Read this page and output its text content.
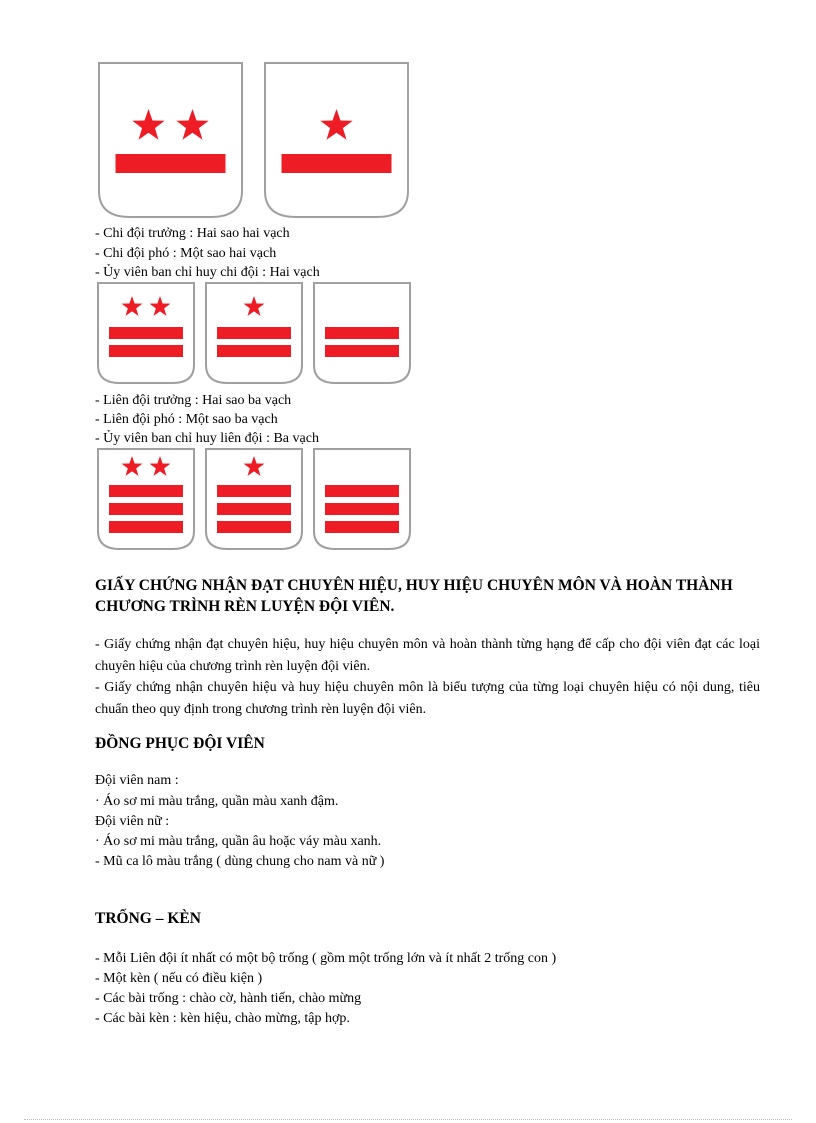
- Chi đội trưởng : Hai sao hai vạch
- Chi đội phó : Một sao hai vạch
- Ủy viên ban chỉ huy chi đội : Hai vạch
- Liên đội trưởng : Hai sao ba vạch
- Liên đội phó : Một sao ba vạch
- Ủy viên ban chỉ huy liên đội : Ba vạch
GIẤY CHỨNG NHẬN ĐẠT CHUYÊN HIỆU, HUY HIỆU CHUYÊN MÔN VÀ HOÀN THÀNH
CHƯƠNG TRÌNH RÈN LUYỆN ĐỘI VIÊN.
- Giấy chứng nhận đạt chuyên hiệu, huy hiệu chuyên môn và hoàn thành từng hạng để cấp cho đội viên đạt các loại chuyên hiệu của chương trình rèn luyện đội viên.
- Giấy chứng nhận chuyên hiệu và huy hiệu chuyên môn là biểu tượng của từng loại chuyên hiệu có nội dung, tiêu chuẩn theo quy định trong chương trình rèn luyện đội viên.
ĐỒNG PHỤC ĐỘI VIÊN
Đội viên nam :
· Áo sơ mi màu trắng, quần màu xanh đậm.
Đội viên nữ :
· Áo sơ mi màu trắng, quần âu hoặc váy màu xanh.
- Mũ ca lô màu trắng ( dùng chung cho nam và nữ )
TRỐNG – KÈN
- Mỗi Liên đội ít nhất có một bộ trống ( gồm một trống lớn và ít nhất 2 trống con )
- Một kèn ( nếu có điều kiện )
- Các bài trống : chào cờ, hành tiến, chào mừng
- Các bài kèn : kèn hiệu, chào mừng, tập hợp.
